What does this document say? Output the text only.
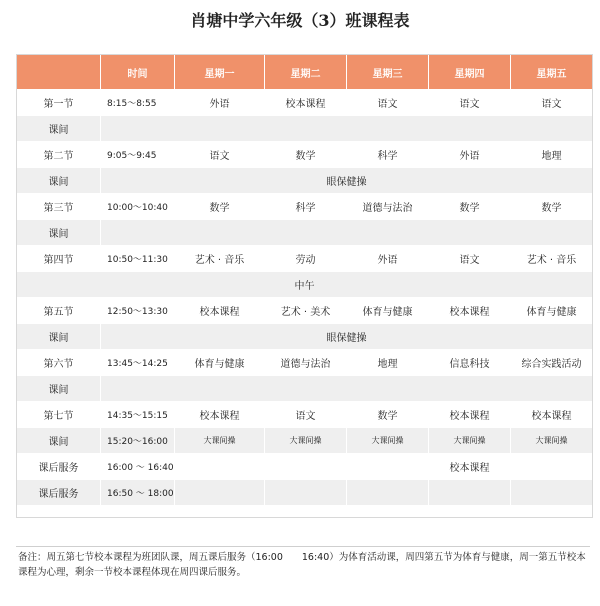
肖塘中学六年级（3）班课程表
	时间	星期一	星期二	星期三	星期四	星期五
第一节	8:15～8:55	外语	校本课程	语文	语文	语文
课间						
第二节	9:05～9:45	语文	数学	科学	外语	地理
课间	眼保健操					
第三节	10:00～10:40	数学	科学	道德与法治	数学	数学
课间						
第四节	10:50～11:30	艺术 · 音乐	劳动	外语	语文	艺术 · 音乐
中午						
第五节	12:50～13:30	校本课程	艺术 · 美术	体育与健康	校本课程	体育与健康
课间	眼保健操					
第六节	13:45～14:25	体育与健康	道德与法治	地理	信息科技	综合实践活动
课间						
第七节	14:35～15:15	校本课程	语文	数学	校本课程	校本课程
课间	15:20～16:00	大课间操	大课间操	大课间操	大课间操	大课间操
课后服务	16:00 ～ 16:40				校本课程	
课后服务	16:50 ～ 18:00					
备注：周五第七节校本课程为班团队课，周五课后服务（16:00　　16:40）为体育活动课，周四第五节为体育与健康，周一第五节校本课程为心理，剩余一节校本课程体现在周四课后服务。
